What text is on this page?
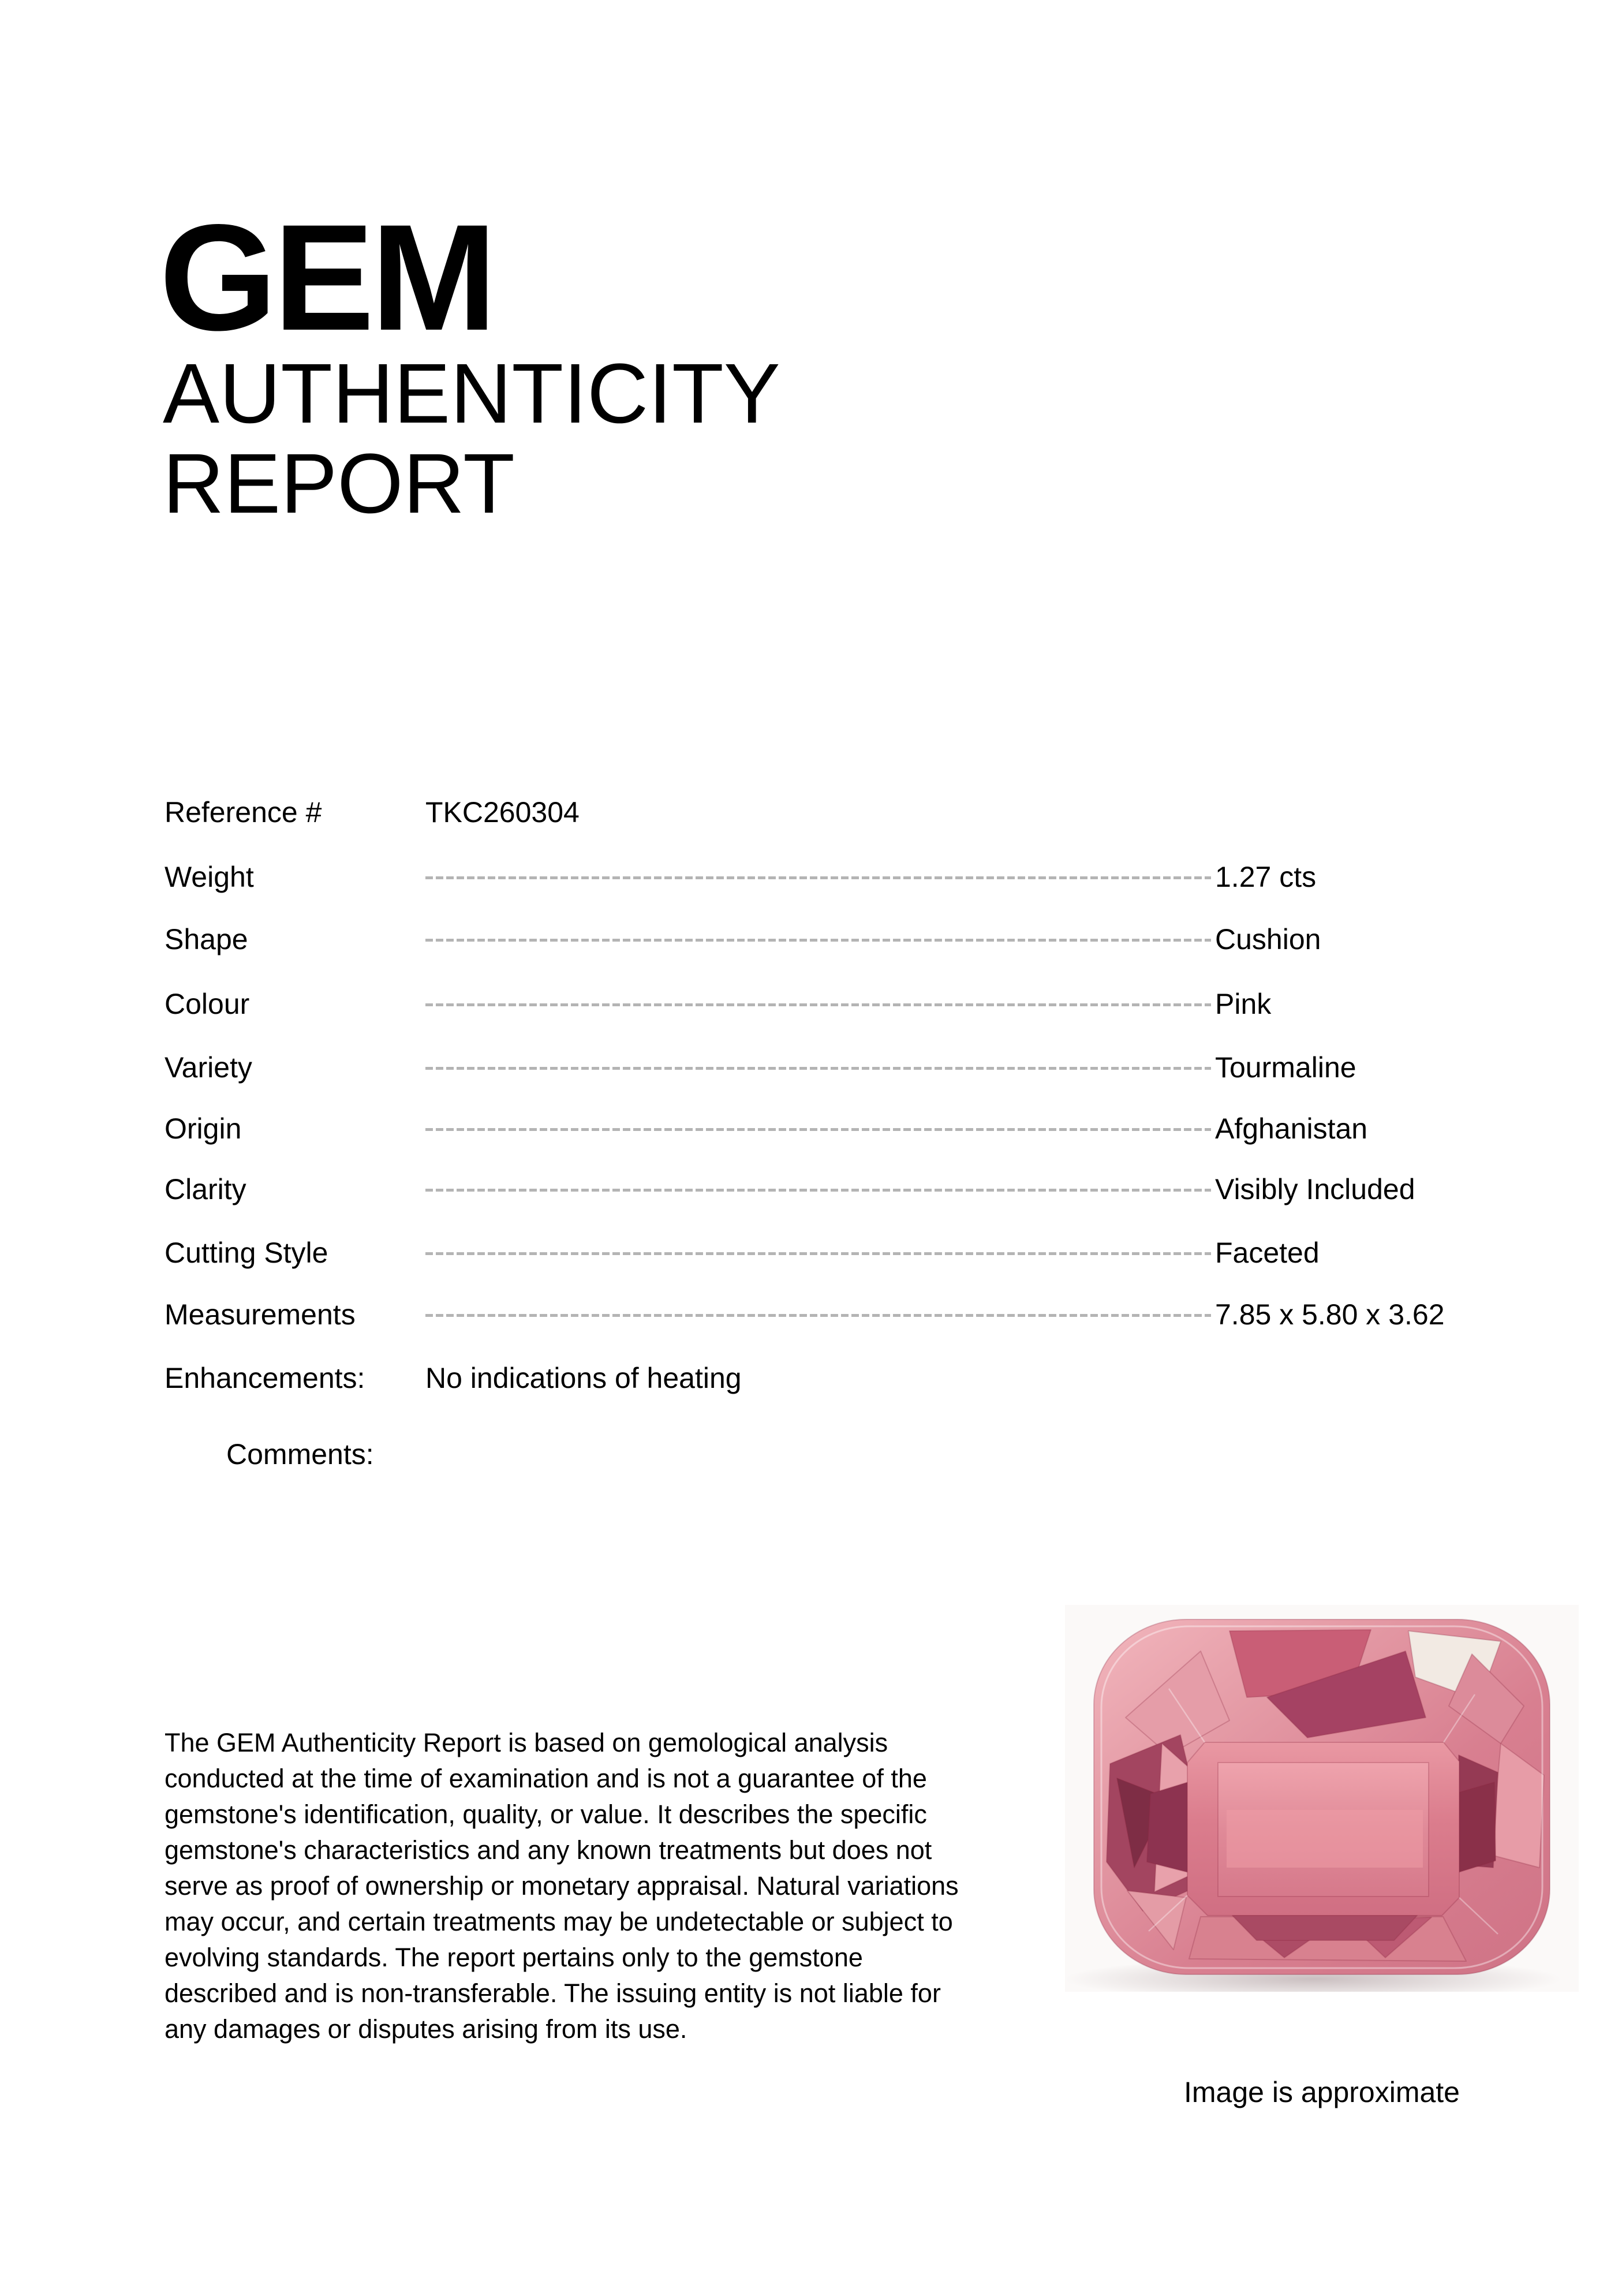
GEM
AUTHENTICITY
REPORT
Reference #	TKC260304
Weight	1.27 cts
Shape	Cushion
Colour	Pink
Variety	Tourmaline
Origin	Afghanistan
Clarity	Visibly Included
Cutting Style	Faceted
Measurements	7.85 x 5.80 x 3.62
Enhancements: No indications of heating
Comments:
The GEM Authenticity Report is based on gemological analysis conducted at the time of examination and is not a guarantee of the gemstone's identification, quality, or value. It describes the specific gemstone's characteristics and any known treatments but does not serve as proof of ownership or monetary appraisal. Natural variations may occur, and certain treatments may be undetectable or subject to evolving standards. The report pertains only to the gemstone described and is non-transferable. The issuing entity is not liable for any damages or disputes arising from its use.
Image is approximate
